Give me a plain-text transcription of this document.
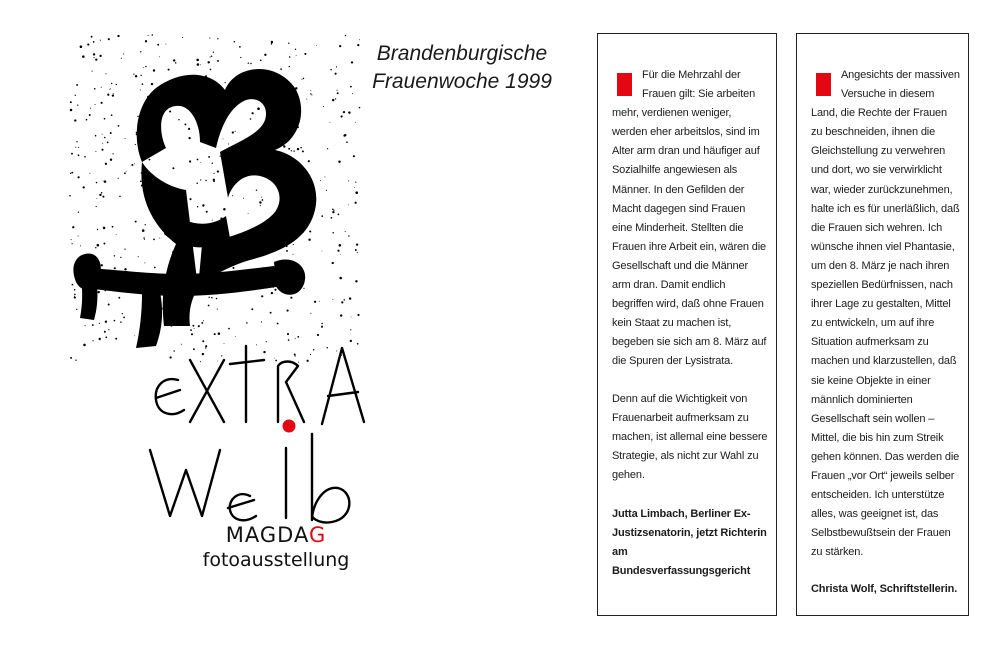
Brandenburgische
Frauenwoche 1999
MAGDAG
fotoausstellung

Für die Mehrzahl der Frauen gilt: Sie arbeiten mehr, verdienen weniger, werden eher arbeitslos, sind im Alter arm dran und häufiger auf Sozialhilfe angewiesen als Männer. In den Gefilden der Macht dagegen sind Frauen eine Minderheit. Stellten die Frauen ihre Arbeit ein, wären die Gesellschaft und die Männer arm dran. Damit endlich begriffen wird, daß ohne Frauen kein Staat zu machen ist, begeben sie sich am 8. März auf die Spuren der Lysistrata.

Denn auf die Wichtigkeit von Frauenarbeit aufmerksam zu machen, ist allemal eine bessere Strategie, als nicht zur Wahl zu gehen.

Jutta Limbach, Berliner Ex-Justizsenatorin, jetzt Richterin am Bundesverfassungsgericht

Angesichts der massiven Versuche in diesem Land, die Rechte der Frauen zu beschneiden, ihnen die Gleichstellung zu verwehren und dort, wo sie verwirklicht war, wieder zurückzunehmen, halte ich es für unerläßlich, daß die Frauen sich wehren. Ich wünsche ihnen viel Phantasie, um den 8. März je nach ihren speziellen Bedürfnissen, nach ihrer Lage zu gestalten, Mittel zu entwickeln, um auf ihre Situation aufmerksam zu machen und klarzustellen, daß sie keine Objekte in einer männlich dominierten Gesellschaft sein wollen – Mittel, die bis hin zum Streik gehen können. Das werden die Frauen „vor Ort“ jeweils selber entscheiden. Ich unterstütze alles, was geeignet ist, das Selbstbewußtsein der Frauen zu stärken.

Christa Wolf, Schriftstellerin.
